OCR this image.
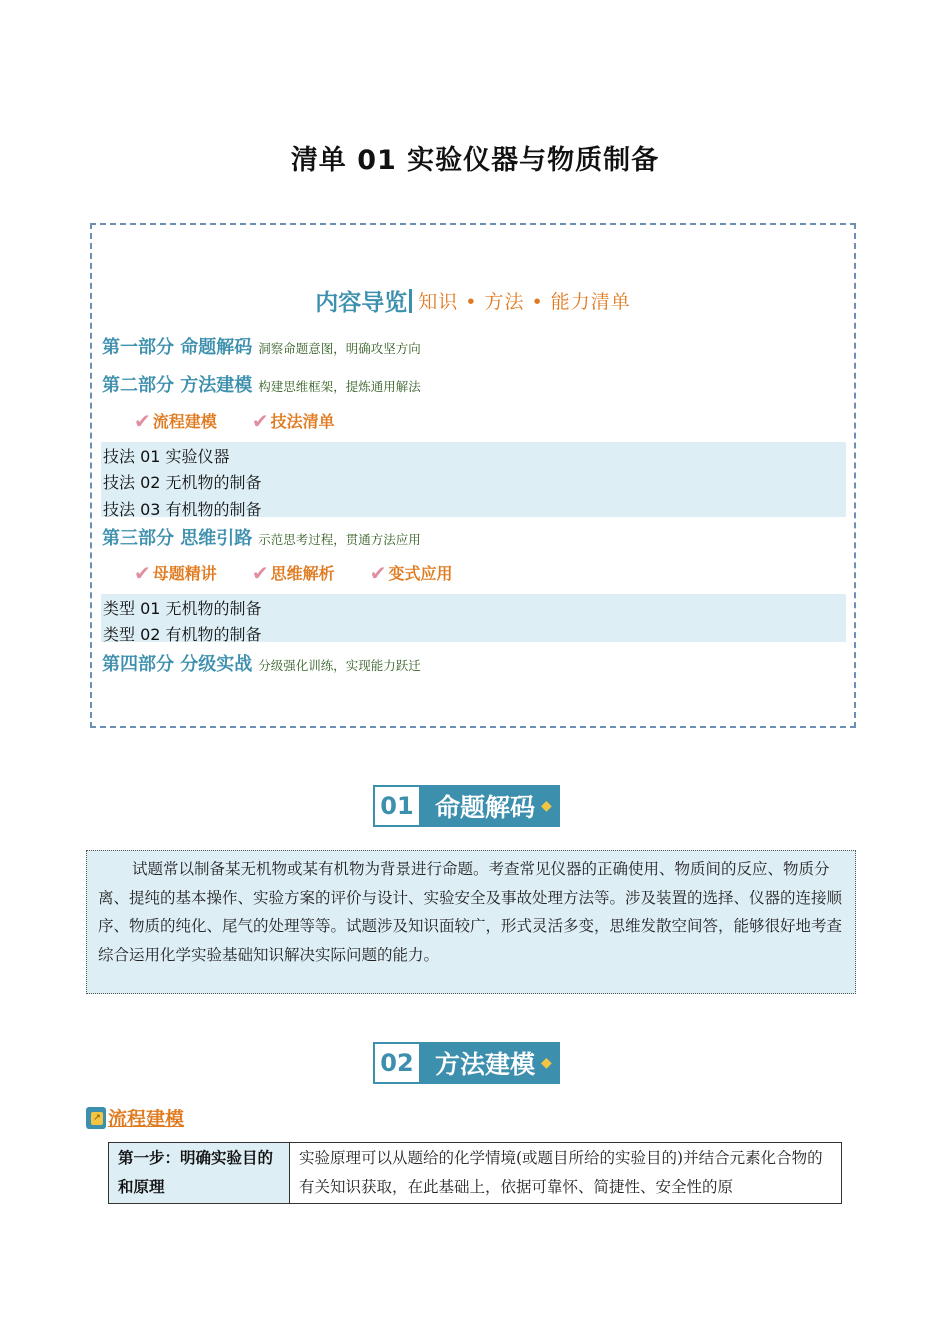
清单 01 实验仪器与物质制备
内容导览 知识 • 方法 • 能力清单
第一部分 命题解码 洞察命题意图，明确攻坚方向
第二部分 方法建模 构建思维框架，提炼通用解法
✔ 流程建模
✔ 技法清单
技法 01 实验仪器
技法 02 无机物的制备
技法 03 有机物的制备
第三部分 思维引路 示范思考过程，贯通方法应用
✔ 母题精讲
✔ 思维解析
✔ 变式应用
类型 01 无机物的制备
类型 02 有机物的制备
第四部分 分级实战 分级强化训练，实现能力跃迁
01 命题解码 ◆
试题常以制备某无机物或某有机物为背景进行命题。考查常见仪器的正确使用、物质间的反应、物质分离、提纯的基本操作、实验方案的评价与设计、实验安全及事故处理方法等。涉及装置的选择、仪器的连接顺序、物质的纯化、尾气的处理等等。试题涉及知识面较广，形式灵活多变，思维发散空间答，能够很好地考查综合运用化学实验基础知识解决实际问题的能力。
02 方法建模 ◆
↗ 流程建模
第一步：明确实验目的和原理	实验原理可以从题给的化学情境(或题目所给的实验目的)并结合元素化合物的有关知识获取，在此基础上，依据可靠怀、简捷性、安全性的原
